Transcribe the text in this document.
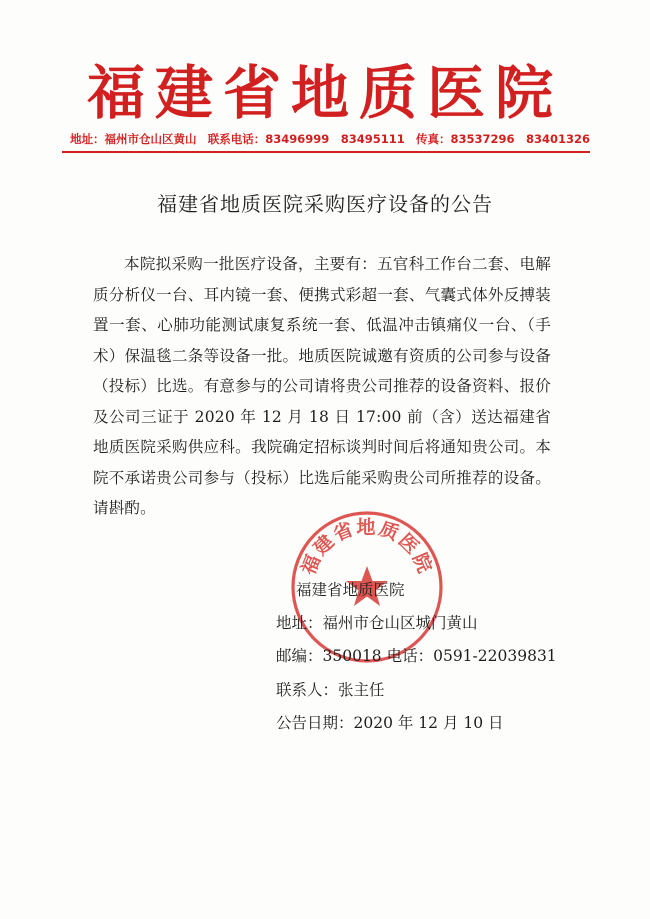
福建省地质医院
地址：福州市仓山区黄山 联系电话：83496999　83495111 传真：83537296　83401326
福建省地质医院采购医疗设备的公告
本院拟采购一批医疗设备，主要有：五官科工作台二套、电解质分析仪一台、耳内镜一套、便携式彩超一套、气囊式体外反搏装置一套、心肺功能测试康复系统一套、低温冲击镇痛仪一台、（手术）保温毯二条等设备一批。地质医院诚邀有资质的公司参与设备（投标）比选。有意参与的公司请将贵公司推荐的设备资料、报价及公司三证于 2020 年 12 月 18 日 17:00 前（含）送达福建省地质医院采购供应科。我院确定招标谈判时间后将通知贵公司。本院不承诺贵公司参与（投标）比选后能采购贵公司所推荐的设备。请斟酌。
福建省地质医院
福建省地质医院
地址：福州市仓山区城门黄山
邮编：350018 电话：0591-22039831
联系人：张主任
公告日期：2020 年 12 月 10 日
